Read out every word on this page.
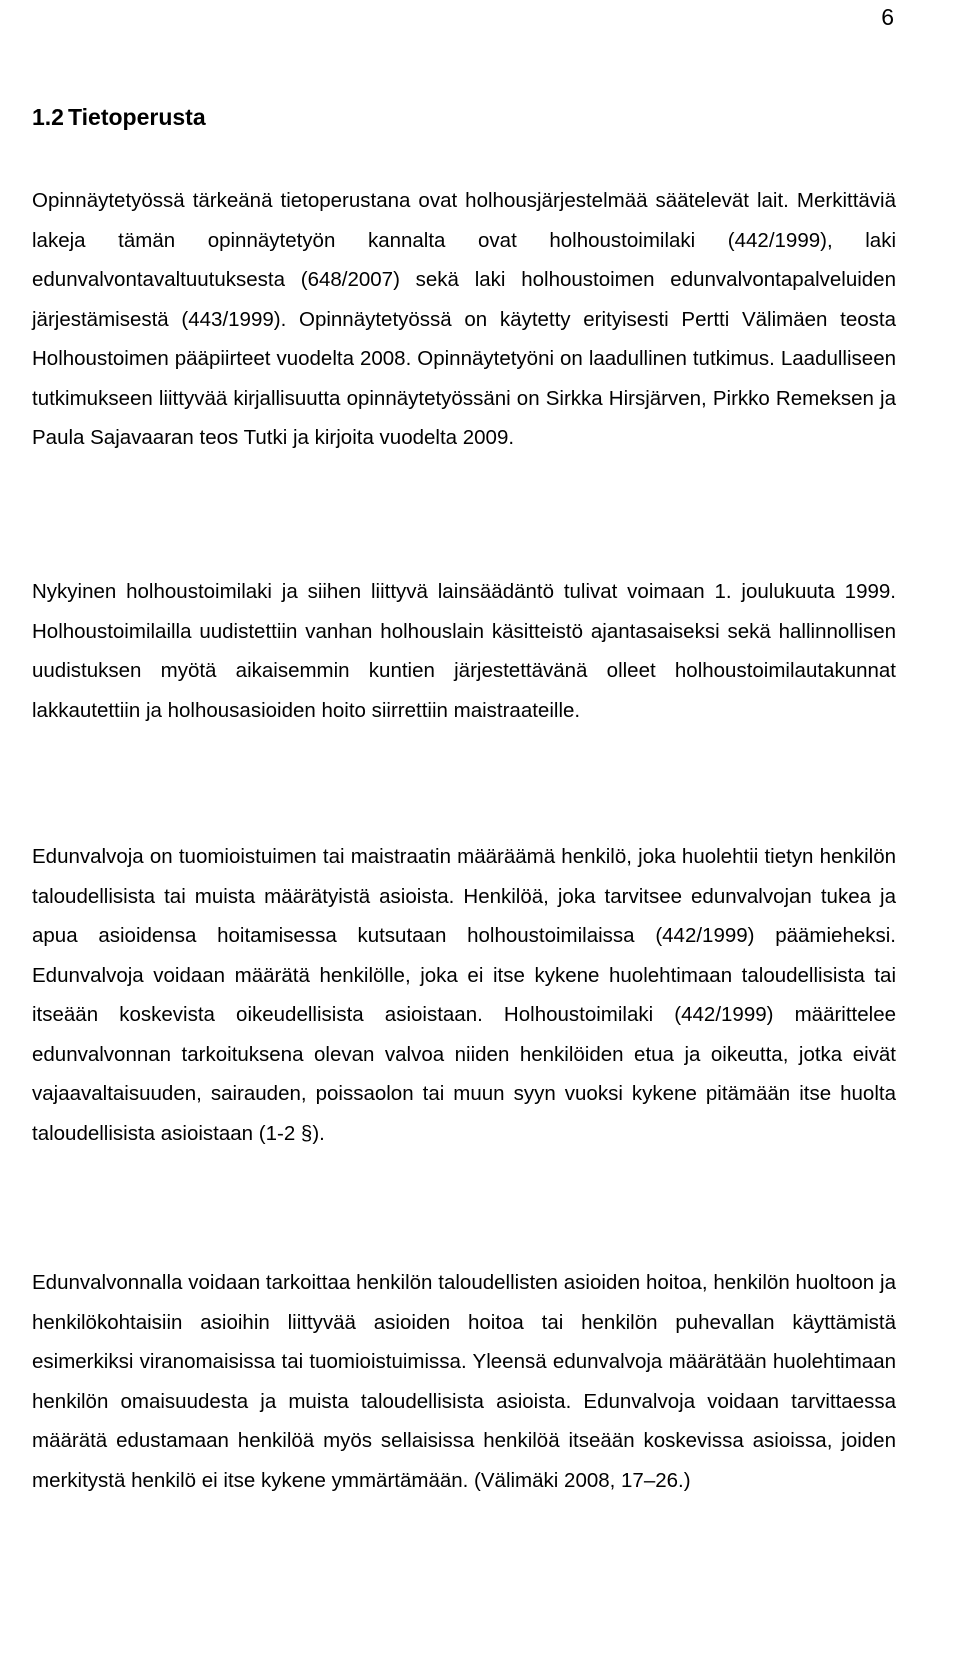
6
1.2 Tietoperusta

Opinnäytetyössä tärkeänä tietoperustana ovat holhousjärjestelmää säätelevät lait. Merkittäviä lakeja tämän opinnäytetyön kannalta ovat holhoustoimilaki (442/1999), laki edunvalvontavaltuutuksesta (648/2007) sekä laki holhoustoimen edunvalvontapalveluiden järjestämisestä (443/1999). Opinnäytetyössä on käytetty erityisesti Pertti Välimäen teosta Holhoustoimen pääpiirteet vuodelta 2008. Opinnäytetyöni on laadullinen tutkimus. Laadulliseen tutkimukseen liittyvää kirjallisuutta opinnäytetyössäni on Sirkka Hirsjärven, Pirkko Remeksen ja Paula Sajavaaran teos Tutki ja kirjoita vuodelta 2009.

Nykyinen holhoustoimilaki ja siihen liittyvä lainsäädäntö tulivat voimaan 1. joulukuuta 1999. Holhoustoimilailla uudistettiin vanhan holhouslain käsitteistö ajantasaiseksi sekä hallinnollisen uudistuksen myötä aikaisemmin kuntien järjestettävänä olleet holhoustoimilautakunnat lakkautettiin ja holhousasioiden hoito siirrettiin maistraateille.

Edunvalvoja on tuomioistuimen tai maistraatin määräämä henkilö, joka huolehtii tietyn henkilön taloudellisista tai muista määrätyistä asioista. Henkilöä, joka tarvitsee edunvalvojan tukea ja apua asioidensa hoitamisessa kutsutaan holhoustoimilaissa (442/1999) päämieheksi. Edunvalvoja voidaan määrätä henkilölle, joka ei itse kykene huolehtimaan taloudellisista tai itseään koskevista oikeudellisista asioistaan. Holhoustoimilaki (442/1999) määrittelee edunvalvonnan tarkoituksena olevan valvoa niiden henkilöiden etua ja oikeutta, jotka eivät vajaavaltaisuuden, sairauden, poissaolon tai muun syyn vuoksi kykene pitämään itse huolta taloudellisista asioistaan (1-2 §).

Edunvalvonnalla voidaan tarkoittaa henkilön taloudellisten asioiden hoitoa, henkilön huoltoon ja henkilökohtaisiin asioihin liittyvää asioiden hoitoa tai henkilön puhevallan käyttämistä esimerkiksi viranomaisissa tai tuomioistuimissa. Yleensä edunvalvoja määrätään huolehtimaan henkilön omaisuudesta ja muista taloudellisista asioista. Edunvalvoja voidaan tarvittaessa määrätä edustamaan henkilöä myös sellaisissa henkilöä itseään koskevissa asioissa, joiden merkitystä henkilö ei itse kykene ymmärtämään. (Välimäki 2008, 17–26.)
